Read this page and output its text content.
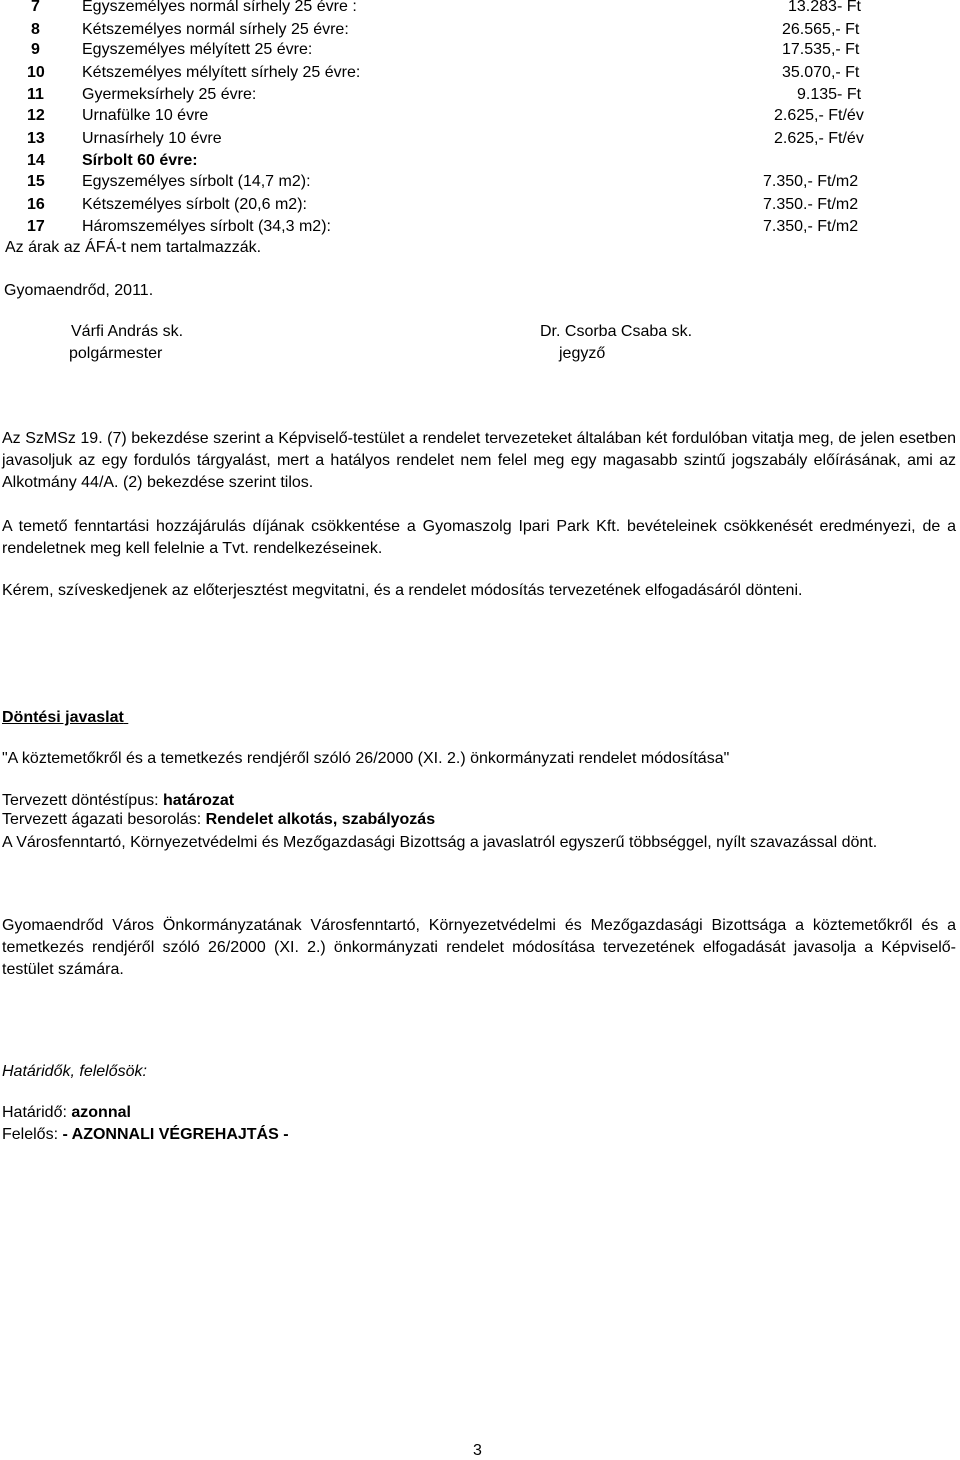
7	Egyszemélyes normál sírhely 25 évre :	13.283- Ft
8	Kétszemélyes normál sírhely 25 évre:	26.565,- Ft
9	Egyszemélyes mélyített 25 évre:	17.535,- Ft
10 Kétszemélyes mélyített sírhely 25 évre:	35.070,- Ft
11 Gyermeksírhely 25 évre:	9.135- Ft
12 Urnafülke 10 évre	2.625,- Ft/év
13 Urnasírhely 10 évre	2.625,- Ft/év
14 Sírbolt 60 évre:
15 Egyszemélyes sírbolt (14,7 m2):	7.350,- Ft/m2
16 Kétszemélyes sírbolt (20,6 m2):	7.350.- Ft/m2
17 Háromszemélyes sírbolt (34,3 m2):	7.350,- Ft/m2
Az árak az ÁFÁ-t nem tartalmazzák.
Gyomaendrőd, 2011.
Várfi András sk.
polgármester
Dr. Csorba Csaba sk.
jegyző
Az SzMSz 19. (7) bekezdése szerint a Képviselő-testület a rendelet tervezeteket általában két fordulóban vitatja meg, de jelen esetben javasoljuk az egy fordulós tárgyalást, mert a hatályos rendelet nem felel meg egy magasabb szintű jogszabály előírásának, ami az Alkotmány 44/A. (2) bekezdése szerint tilos.
A temető fenntartási hozzájárulás díjának csökkentése a Gyomaszolg Ipari Park Kft. bevételeinek csökkenését eredményezi, de a rendeletnek meg kell felelnie a Tvt. rendelkezéseinek.
Kérem, szíveskedjenek az előterjesztést megvitatni, és a rendelet módosítás tervezetének elfogadásáról dönteni.
Döntési javaslat
"A köztemetőkről és a temetkezés rendjéről szóló 26/2000 (XI. 2.) önkormányzati rendelet módosítása"
Tervezett döntéstípus: határozat
Tervezett ágazati besorolás: Rendelet alkotás, szabályozás
A Városfenntartó, Környezetvédelmi és Mezőgazdasági Bizottság a javaslatról egyszerű többséggel, nyílt szavazással dönt.
Gyomaendrőd Város Önkormányzatának Városfenntartó, Környezetvédelmi és Mezőgazdasági Bizottsága a köztemetőkről és a temetkezés rendjéről szóló 26/2000 (XI. 2.) önkormányzati rendelet módosítása tervezetének elfogadását javasolja a Képviselő-testület számára.
Határidők, felelősök:
Határidő: azonnal
Felelős: - AZONNALI VÉGREHAJTÁS -
3
